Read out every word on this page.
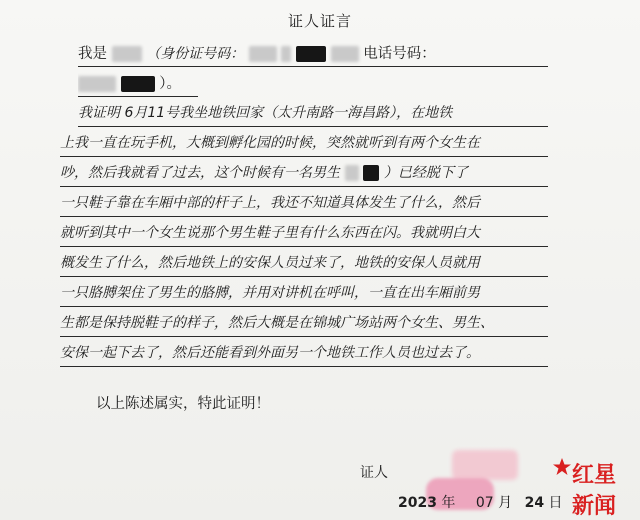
证人证言
我是	（身份证号码：	电话号码：
）。
我证明 6月11号我坐地铁回家（太升南路一海昌路），在地铁
上我一直在玩手机，大概到孵化园的时候，突然就听到有两个女生在
吵，然后我就看了过去，这个时候有一名男生	）已经脱下了
一只鞋子靠在车厢中部的杆子上，我还不知道具体发生了什么，然后
就听到其中一个女生说那个男生鞋子里有什么东西在闪。我就明白大
概发生了什么，然后地铁上的安保人员过来了，地铁的安保人员就用
一只胳膊架住了男生的胳膊，并用对讲机在呼叫，一直在出车厢前男
生都是保持脱鞋子的样子，然后大概是在锦城广场站两个女生、男生、
安保一起下去了，然后还能看到外面另一个地铁工作人员也过去了。
以上陈述属实，特此证明！
证人
2023 年 07 月 24 日
红星新闻
